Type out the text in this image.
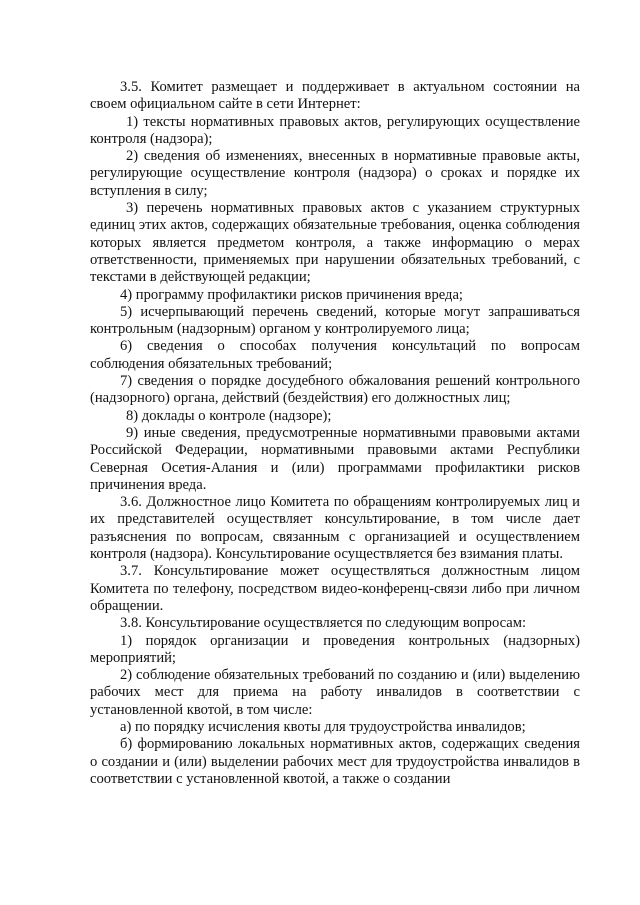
3.5. Комитет размещает и поддерживает в актуальном состоянии на своем официальном сайте в сети Интернет:

1) тексты нормативных правовых актов, регулирующих осуществление контроля (надзора);

2) сведения об изменениях, внесенных в нормативные правовые акты, регулирующие осуществление контроля (надзора) о сроках и порядке их вступления в силу;

3) перечень нормативных правовых актов с указанием структурных единиц этих актов, содержащих обязательные требования, оценка соблюдения которых является предметом контроля, а также информацию о мерах ответственности, применяемых при нарушении обязательных требований, с текстами в действующей редакции;

4) программу профилактики рисков причинения вреда;

5) исчерпывающий перечень сведений, которые могут запрашиваться контрольным (надзорным) органом у контролируемого лица;

6) сведения о способах получения консультаций по вопросам соблюдения обязательных требований;

7) сведения о порядке досудебного обжалования решений контрольного (надзорного) органа, действий (бездействия) его должностных лиц;

8) доклады о контроле (надзоре);

9) иные сведения, предусмотренные нормативными правовыми актами Российской Федерации, нормативными правовыми актами Республики Северная Осетия-Алания и (или) программами профилактики рисков причинения вреда.

3.6. Должностное лицо Комитета по обращениям контролируемых лиц и их представителей осуществляет консультирование, в том числе дает разъяснения по вопросам, связанным с организацией и осуществлением контроля (надзора). Консультирование осуществляется без взимания платы.

3.7. Консультирование может осуществляться должностным лицом Комитета по телефону, посредством видео-конференц-связи либо при личном обращении.

3.8. Консультирование осуществляется по следующим вопросам:

1) порядок организации и проведения контрольных (надзорных) мероприятий;

2) соблюдение обязательных требований по созданию и (или) выделению рабочих мест для приема на работу инвалидов в соответствии с установленной квотой, в том числе:

а) по порядку исчисления квоты для трудоустройства инвалидов;

б) формированию локальных нормативных актов, содержащих сведения о создании и (или) выделении рабочих мест для трудоустройства инвалидов в соответствии с установленной квотой, а также о создании
